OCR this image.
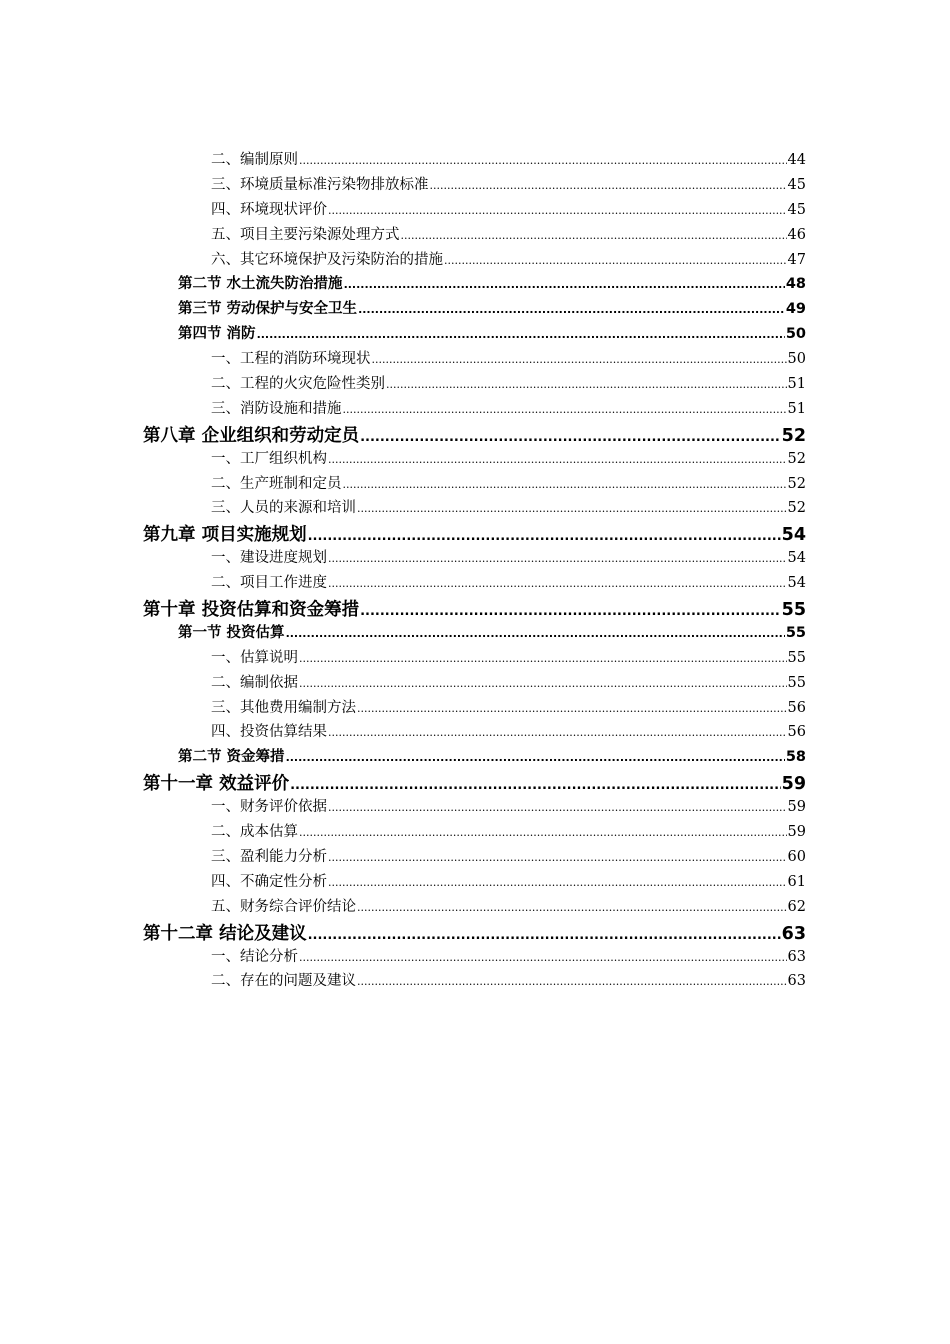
二、编制原则 .....	44
三、环境质量标准污染物排放标准 .....	45
四、环境现状评价 .....	45
五、项目主要污染源处理方式 .....	46
六、其它环境保护及污染防治的措施 .....	47
第二节 水土流失防治措施 .....	48
第三节 劳动保护与安全卫生 .....	49
第四节 消防 .....	50
一、工程的消防环境现状 .....	50
二、工程的火灾危险性类别 .....	51
三、消防设施和措施 .....	51
第八章 企业组织和劳动定员 .....	52
一、工厂组织机构 .....	52
二、生产班制和定员 .....	52
三、人员的来源和培训 .....	52
第九章 项目实施规划 .....	54
一、建设进度规划 .....	54
二、项目工作进度 .....	54
第十章 投资估算和资金筹措 .....	55
第一节 投资估算 .....	55
一、估算说明 .....	55
二、编制依据 .....	55
三、其他费用编制方法 .....	56
四、投资估算结果 .....	56
第二节 资金筹措 .....	58
第十一章 效益评价 .....	59
一、财务评价依据 .....	59
二、成本估算 .....	59
三、盈利能力分析 .....	60
四、不确定性分析 .....	61
五、财务综合评价结论 .....	62
第十二章 结论及建议 .....	63
一、结论分析 .....	63
二、存在的问题及建议 .....	63
